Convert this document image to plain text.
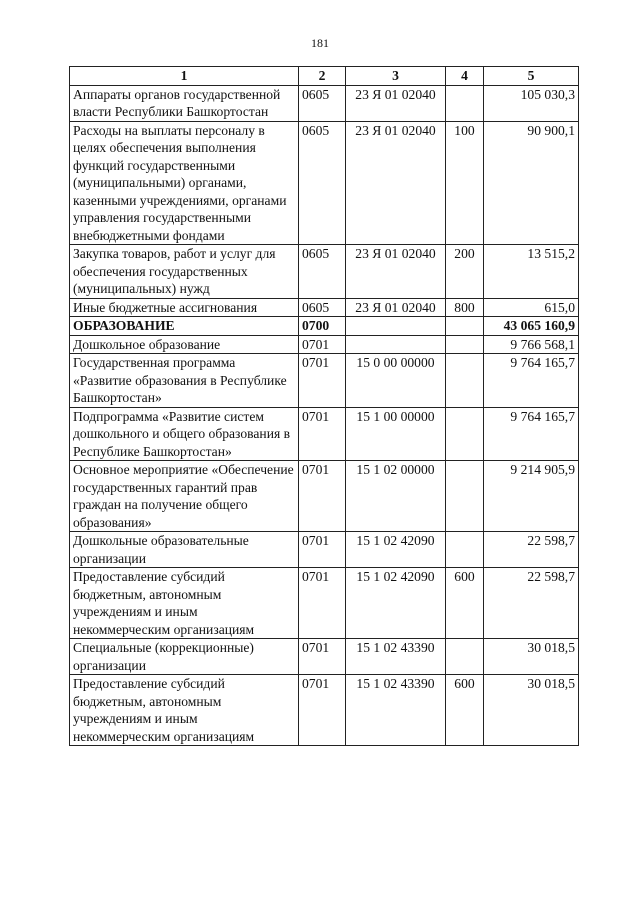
181
1	2	3	4	5
Аппараты органов государственной власти Республики Башкортостан	0605	23 Я 01 02040		105 030,3
Расходы на выплаты персоналу в целях обеспечения выполнения функций государственными (муниципальными) органами, казенными учреждениями, органами управления государственными внебюджетными фондами	0605	23 Я 01 02040	100	90 900,1
Закупка товаров, работ и услуг для обеспечения государственных (муниципальных) нужд	0605	23 Я 01 02040	200	13 515,2
Иные бюджетные ассигнования	0605	23 Я 01 02040	800	615,0
ОБРАЗОВАНИЕ	0700			43 065 160,9
Дошкольное образование	0701			9 766 568,1
Государственная программа «Развитие образования в Республике Башкортостан»	0701	15 0 00 00000		9 764 165,7
Подпрограмма «Развитие систем дошкольного и общего образования в Республике Башкортостан»	0701	15 1 00 00000		9 764 165,7
Основное мероприятие «Обеспечение государственных гарантий прав граждан на получение общего образования»	0701	15 1 02 00000		9 214 905,9
Дошкольные образовательные организации	0701	15 1 02 42090		22 598,7
Предоставление субсидий бюджетным, автономным учреждениям и иным некоммерческим организациям	0701	15 1 02 42090	600	22 598,7
Специальные (коррекционные) организации	0701	15 1 02 43390		30 018,5
Предоставление субсидий бюджетным, автономным учреждениям и иным некоммерческим организациям	0701	15 1 02 43390	600	30 018,5
